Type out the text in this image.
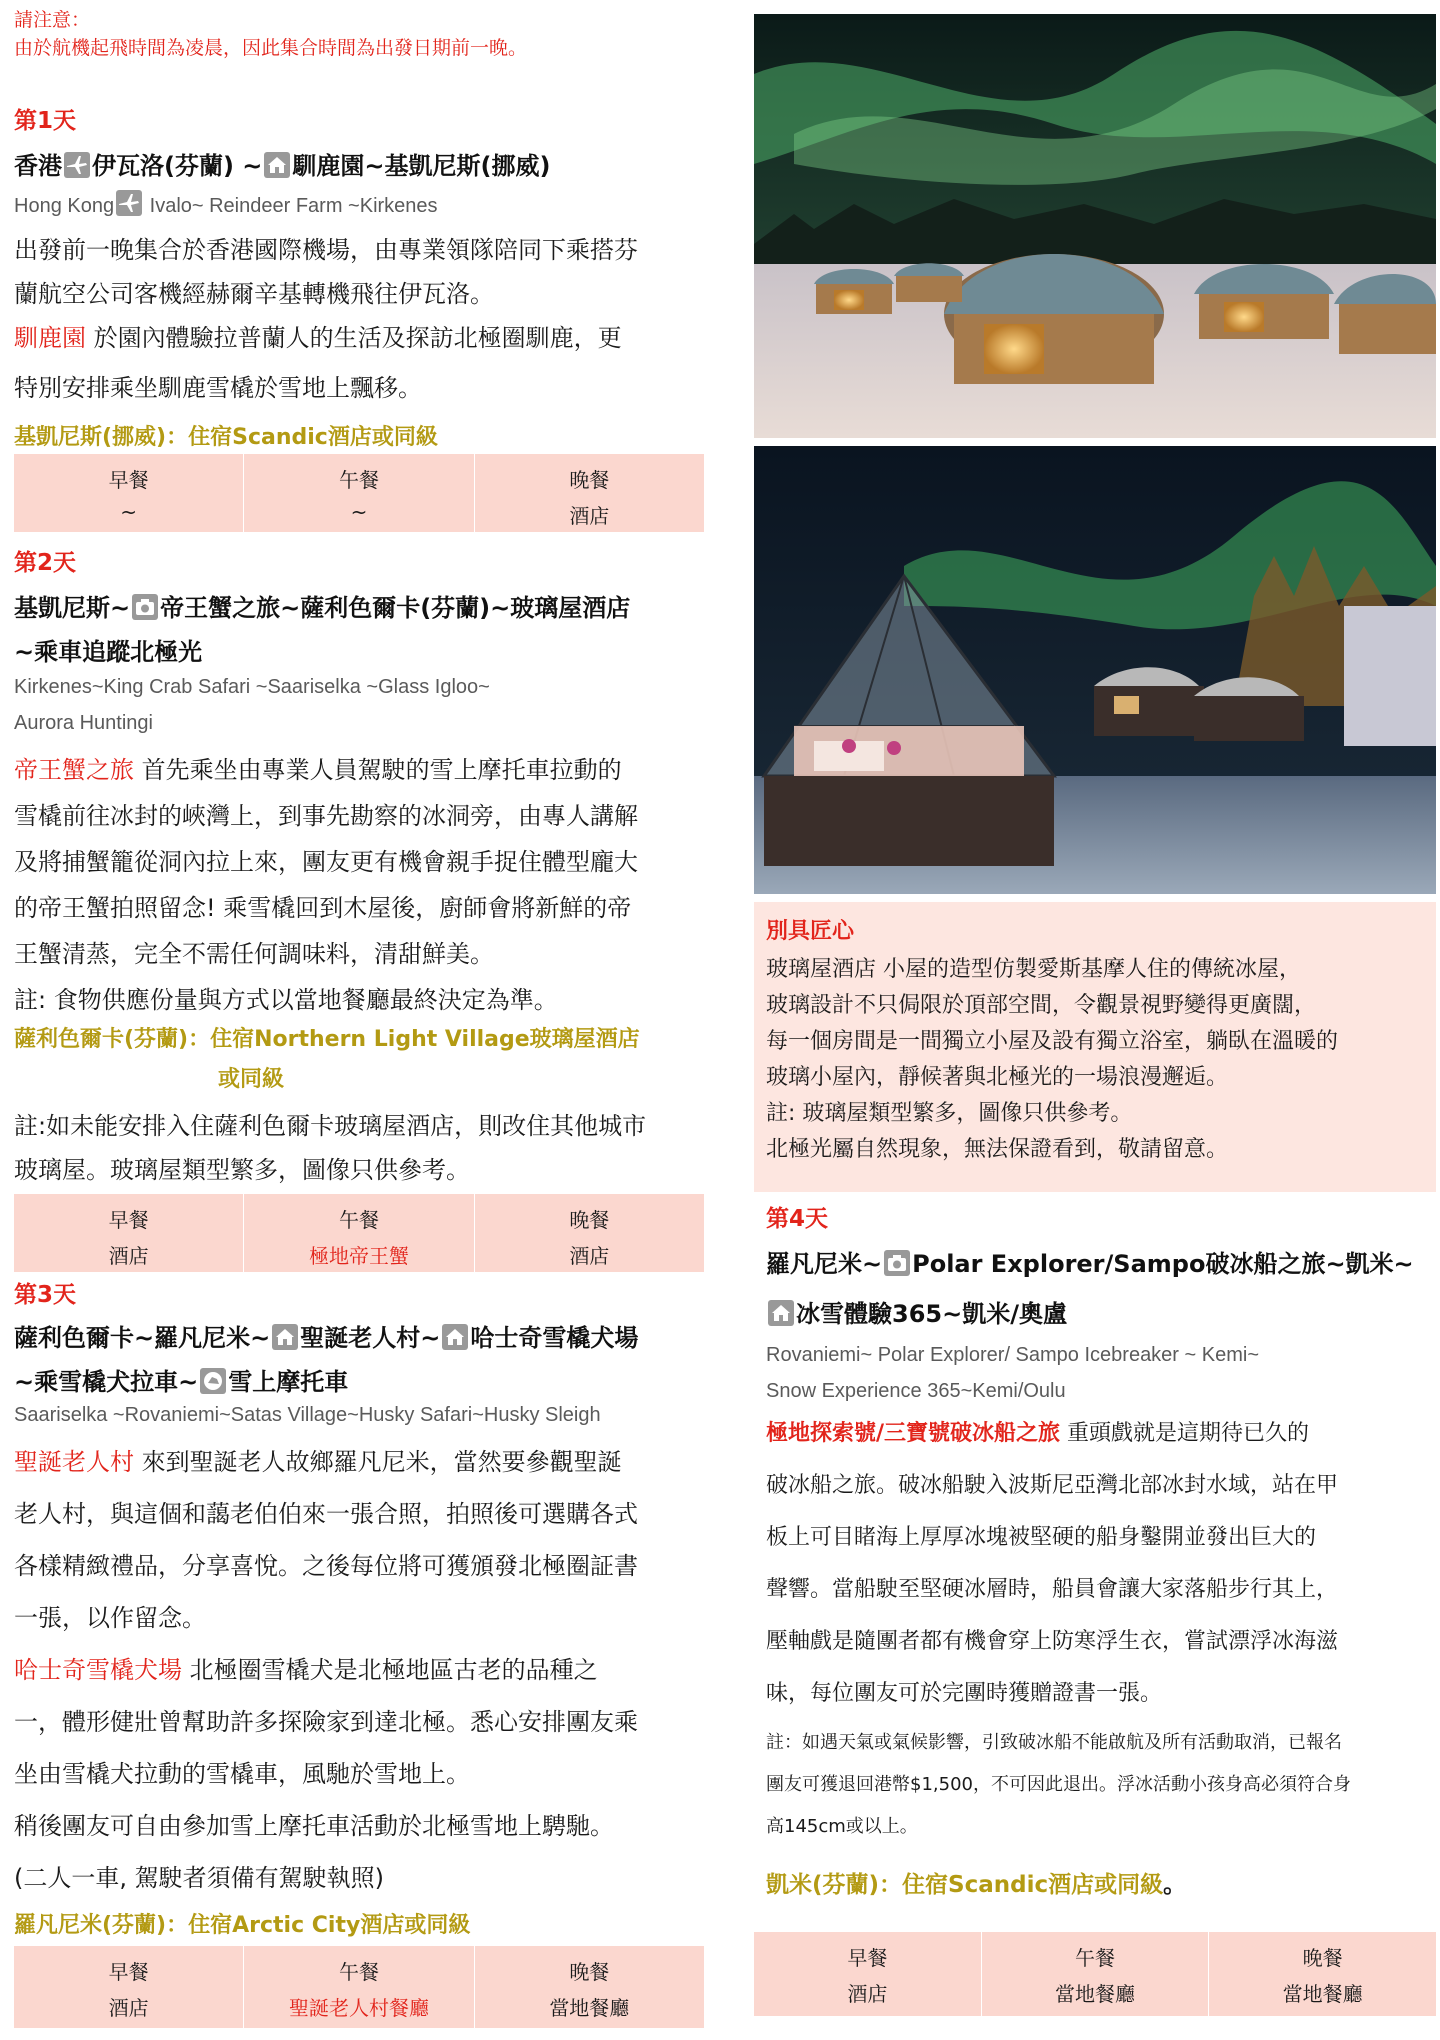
請注意：
由於航機起飛時間為凌晨，因此集合時間為出發日期前一晚。
第1天
香港 伊瓦洛(芬蘭) ~ 馴鹿園~基凱尼斯(挪威)
Hong Kong
Ivalo~ Reindeer Farm ~Kirkenes
出發前一晚集合於香港國際機場，由專業領隊陪同下乘搭芬
蘭航空公司客機經赫爾辛基轉機飛往伊瓦洛。
馴鹿園 於園內體驗拉普蘭人的生活及探訪北極圈馴鹿，更
特別安排乘坐馴鹿雪橇於雪地上飄移。
基凱尼斯(挪威)：住宿Scandic酒店或同級
早餐
~
午餐
~
晚餐
酒店
第2天
基凱尼斯~ 帝王蟹之旅~薩利色爾卡(芬蘭)~玻璃屋酒店
~乘車追蹤北極光
Kirkenes~King Crab Safari ~Saariselka ~Glass Igloo~
Aurora Huntingi
帝王蟹之旅 首先乘坐由專業人員駕駛的雪上摩托車拉動的
雪橇前往冰封的峽灣上，到事先勘察的冰洞旁，由專人講解
及將捕蟹籠從洞內拉上來，團友更有機會親手捉住體型龐大
的帝王蟹拍照留念! 乘雪橇回到木屋後，廚師會將新鮮的帝
王蟹清蒸，完全不需任何調味料，清甜鮮美。
註: 食物供應份量與方式以當地餐廳最終決定為準。
薩利色爾卡(芬蘭)：住宿Northern Light Village玻璃屋酒店
或同級
註:如未能安排入住薩利色爾卡玻璃屋酒店，則改住其他城市
玻璃屋。玻璃屋類型繁多，圖像只供參考。
早餐
酒店
午餐
極地帝王蟹
晚餐
酒店
第3天
薩利色爾卡~羅凡尼米~ 聖誕老人村~ 哈士奇雪橇犬場
~乘雪橇犬拉車~ 雪上摩托車
Saariselka ~Rovaniemi~Satas Village~Husky Safari~Husky Sleigh
聖誕老人村 來到聖誕老人故鄉羅凡尼米，當然要參觀聖誕
老人村，與這個和藹老伯伯來一張合照，拍照後可選購各式
各樣精緻禮品，分享喜悅。之後每位將可獲頒發北極圈証書
一張，以作留念。
哈士奇雪橇犬場 北極圈雪橇犬是北極地區古老的品種之
一，體形健壯曾幫助許多探險家到達北極。悉心安排團友乘
坐由雪橇犬拉動的雪橇車，風馳於雪地上。
稍後團友可自由參加雪上摩托車活動於北極雪地上騁馳。
(二人一車, 駕駛者須備有駕駛執照)
羅凡尼米(芬蘭)：住宿Arctic City酒店或同級
早餐
酒店
午餐
聖誕老人村餐廳
晚餐
當地餐廳
別具匠心
玻璃屋酒店 小屋的造型仿製愛斯基摩人住的傳統冰屋，
玻璃設計不只侷限於頂部空間，令觀景視野變得更廣闊，
每一個房間是一間獨立小屋及設有獨立浴室，躺臥在溫暖的
玻璃小屋內，靜候著與北極光的一場浪漫邂逅。
註: 玻璃屋類型繁多，圖像只供參考。
北極光屬自然現象，無法保證看到，敬請留意。
第4天
羅凡尼米~ Polar Explorer/Sampo破冰船之旅~凱米~
冰雪體驗365~凱米/奧盧
Rovaniemi~ Polar Explorer/ Sampo Icebreaker ~ Kemi~
Snow Experience 365~Kemi/Oulu
極地探索號/三寶號破冰船之旅 重頭戲就是這期待已久的
破冰船之旅。破冰船駛入波斯尼亞灣北部冰封水域，站在甲
板上可目睹海上厚厚冰塊被堅硬的船身鑿開並發出巨大的
聲響。當船駛至堅硬冰層時，船員會讓大家落船步行其上，
壓軸戲是隨團者都有機會穿上防寒浮生衣，嘗試漂浮冰海滋
味，每位團友可於完團時獲贈證書一張。
註：如遇天氣或氣候影響，引致破冰船不能啟航及所有活動取消，已報名
團友可獲退回港幣$1,500，不可因此退出。浮冰活動小孩身高必須符合身
高145cm或以上。
凱米(芬蘭)：住宿Scandic酒店或同級。
早餐
酒店
午餐
當地餐廳
晚餐
當地餐廳
